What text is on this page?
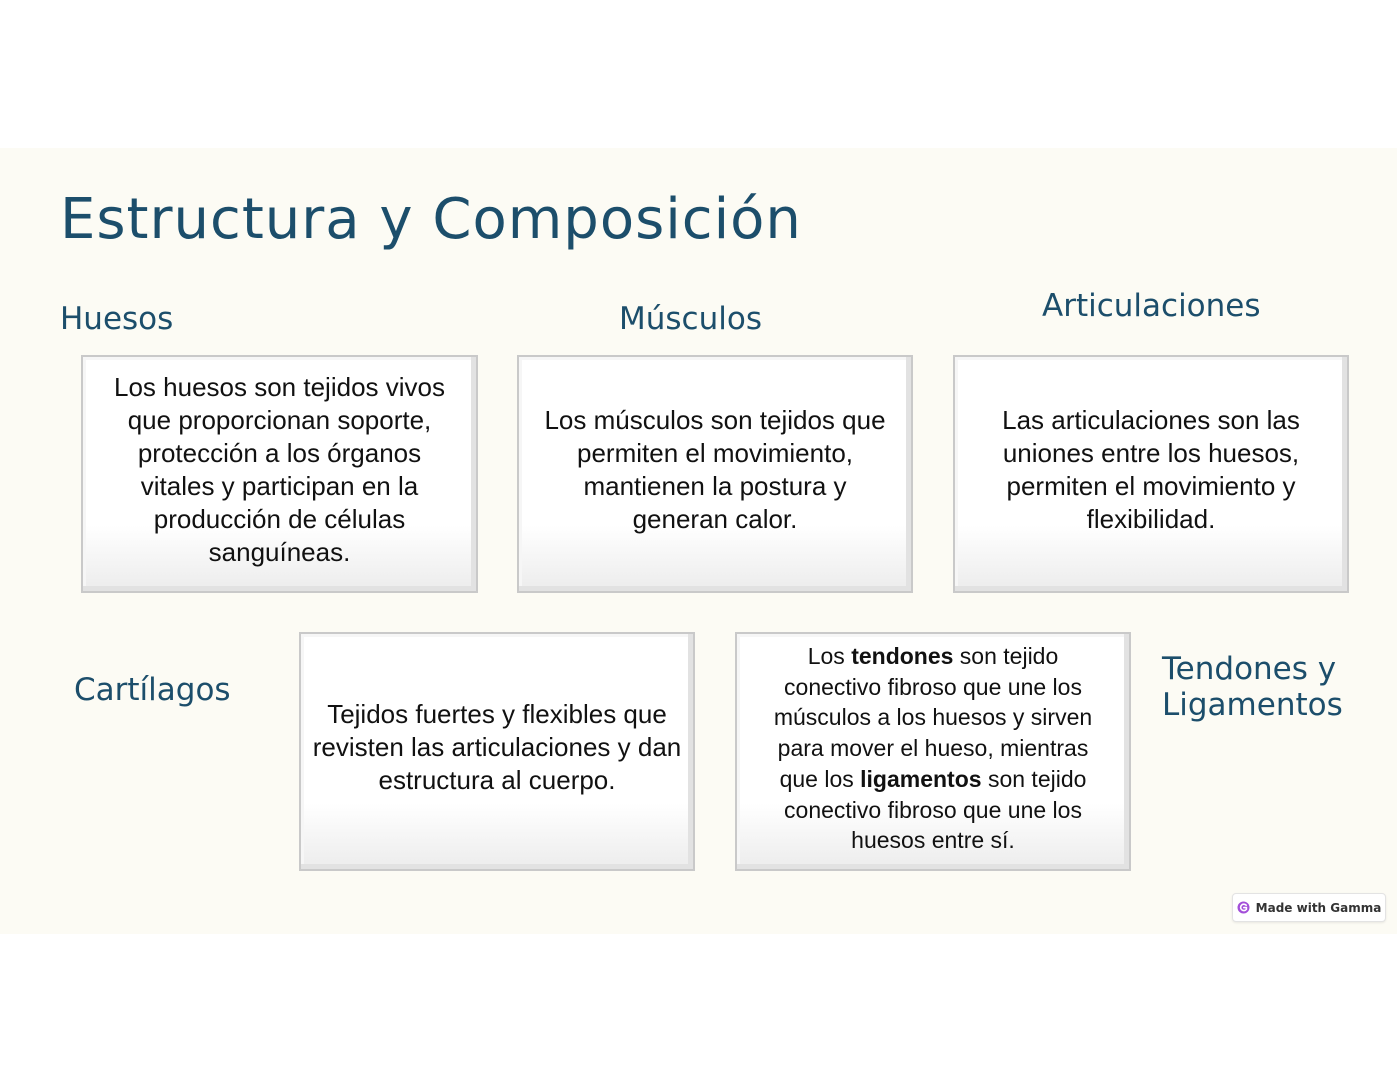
Estructura y Composición
Huesos
Los huesos son tejidos vivos que proporcionan soporte, protección a los órganos vitales y participan en la producción de células sanguíneas.
Músculos
Los músculos son tejidos que permiten el movimiento, mantienen la postura y generan calor.
Articulaciones
Las articulaciones son las uniones entre los huesos, permiten el movimiento y flexibilidad.
Cartílagos
Tejidos fuertes y flexibles que revisten las articulaciones y dan estructura al cuerpo.
Los tendones son tejido conectivo fibroso que une los músculos a los huesos y sirven para mover el hueso, mientras que los ligamentos son tejido conectivo fibroso que une los huesos entre sí.
Tendones y
Ligamentos
Made with Gamma
